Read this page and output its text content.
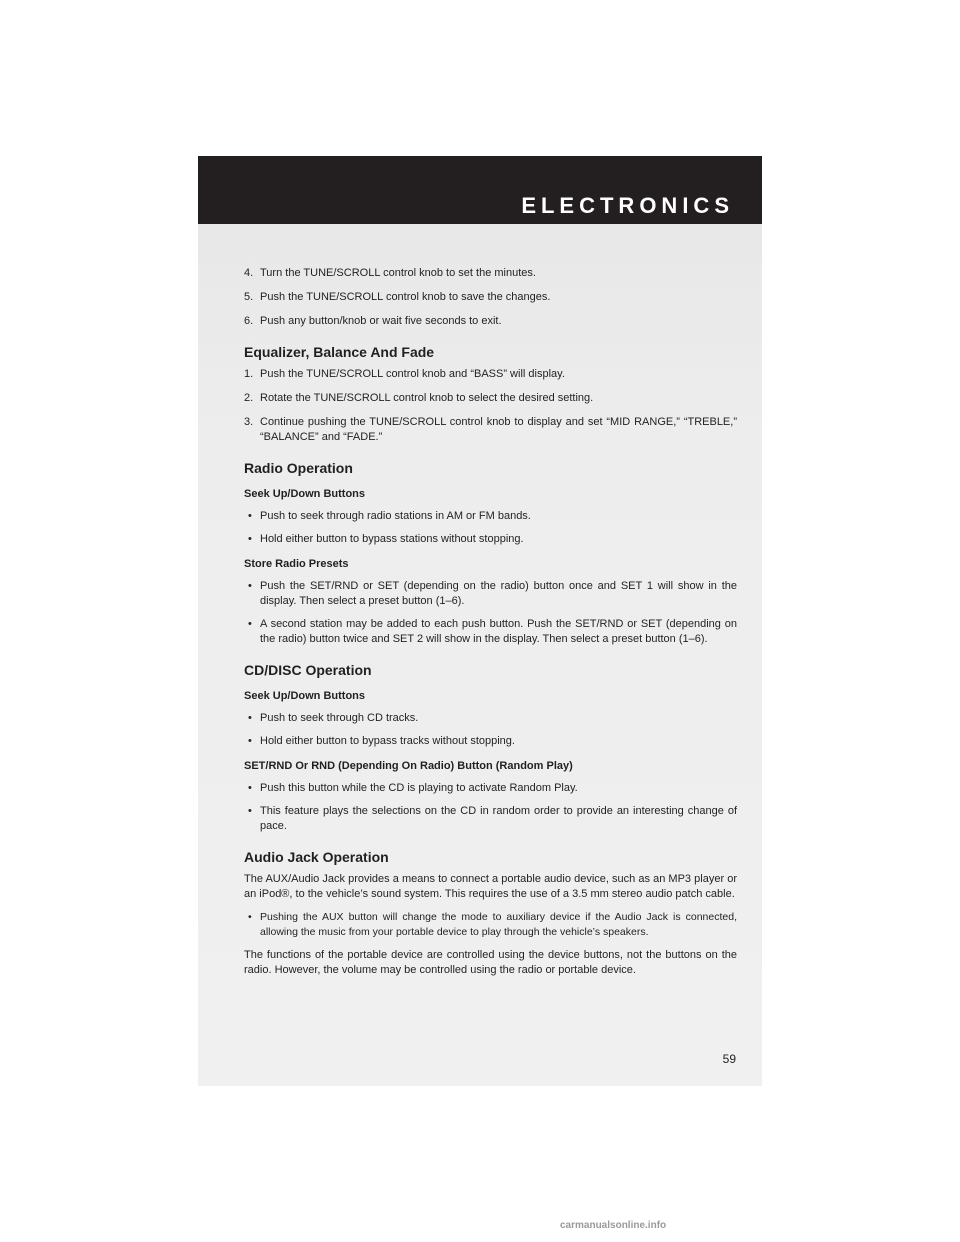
ELECTRONICS
4. Turn the TUNE/SCROLL control knob to set the minutes.
5. Push the TUNE/SCROLL control knob to save the changes.
6. Push any button/knob or wait five seconds to exit.
Equalizer, Balance And Fade
1. Push the TUNE/SCROLL control knob and “BASS” will display.
2. Rotate the TUNE/SCROLL control knob to select the desired setting.
3. Continue pushing the TUNE/SCROLL control knob to display and set “MID RANGE,” “TREBLE,” “BALANCE” and “FADE.”
Radio Operation
Seek Up/Down Buttons
• Push to seek through radio stations in AM or FM bands.
• Hold either button to bypass stations without stopping.
Store Radio Presets
• Push the SET/RND or SET (depending on the radio) button once and SET 1 will show in the display. Then select a preset button (1–6).
• A second station may be added to each push button. Push the SET/RND or SET (depending on the radio) button twice and SET 2 will show in the display. Then select a preset button (1–6).
CD/DISC Operation
Seek Up/Down Buttons
• Push to seek through CD tracks.
• Hold either button to bypass tracks without stopping.
SET/RND Or RND (Depending On Radio) Button (Random Play)
• Push this button while the CD is playing to activate Random Play.
• This feature plays the selections on the CD in random order to provide an interesting change of pace.
Audio Jack Operation
The AUX/Audio Jack provides a means to connect a portable audio device, such as an MP3 player or an iPod®, to the vehicle’s sound system. This requires the use of a 3.5 mm stereo audio patch cable.
• Pushing the AUX button will change the mode to auxiliary device if the Audio Jack is connected, allowing the music from your portable device to play through the vehicle’s speakers.
The functions of the portable device are controlled using the device buttons, not the buttons on the radio. However, the volume may be controlled using the radio or portable device.
59
carmanualsonline.info
